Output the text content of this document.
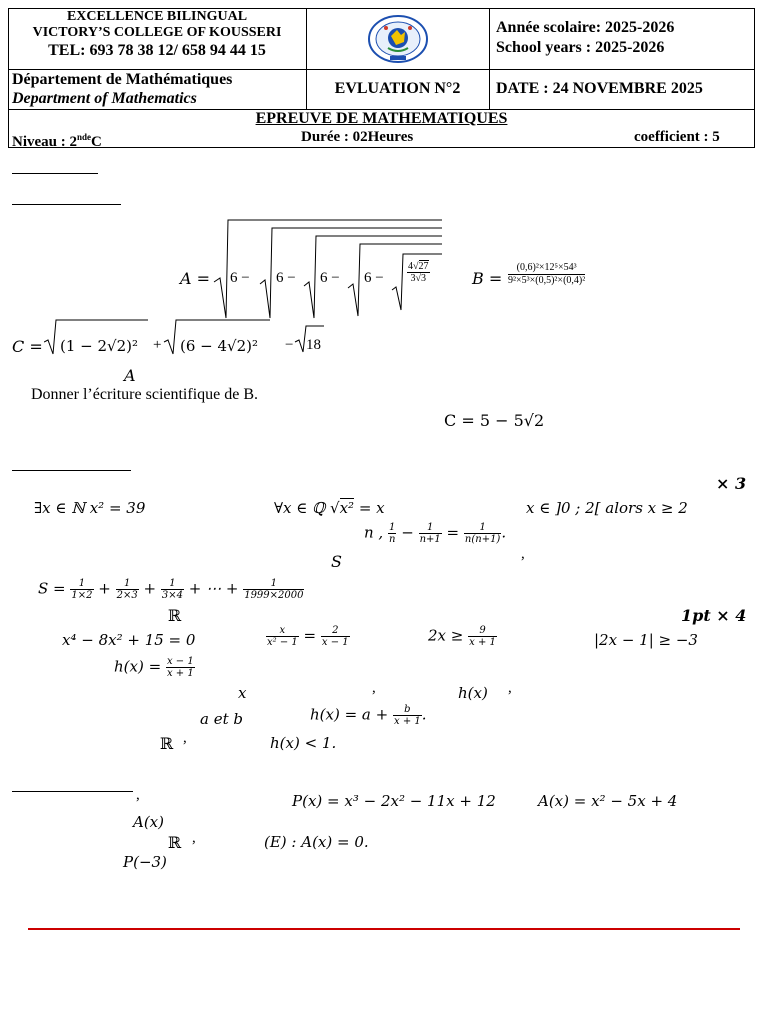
EXCELLENCE BILINGUAL
VICTORY’S COLLEGE OF KOUSSERI
TEL: 693 78 38 12/ 658 94 44 15
Année scolaire: 2025-2026
School years : 2025-2026
Département de Mathématiques
Department of Mathematics
EVLUATION N°2	DATE : 24 NOVEMBRE 2025
EPREUVE DE MATHEMATIQUES
Niveau : 2ndeC	Durée : 02Heures	coefficient : 5
A = 6 − 6 − 6 − 6 −
4√27
3√3	$B = \frac{\text{(0,6)²×12⁵×54³}}{\text{9²×5³×(0,5)²×(0,4)²}}$
C = (1 − 2√2)² + (6 − 4√2)² − 18
A
Donner l’écriture scientifique de B.
C = 5 − 5√2
× 3
∃x ∈ ℕ x² = 39	∀x ∈ ℚ √x² = x	x ∈ ]0 ; 2[ alors x ≥ 2
n , $\frac{1}{n} - \frac{1}{n+1} = \frac{1}{n(n+1)}$ .
,
S
$S = \frac{1}{1\times 2} + \frac{1}{2\times 3} + \frac{1}{3\times 4}$ + ⋯ + $\frac{1}{1999\times 2000}$
ℝ	1pt × 4
x⁴ − 8x² + 15 = 0	$\frac{x}{\text{x² − 1}} = \frac{2}{x - 1}$	$2x \ge \frac{9}{x + 1}$	|2x − 1| ≥ −3
$h(x) = \frac{x - 1}{x + 1}$
x	,	h(x) ,
a et b	$h(x) = a + \frac{b}{x + 1}$ .
ℝ ,	h(x) < 1.
,	P(x) = x³ − 2x² − 11x + 12	A(x) = x² − 5x + 4
A(x)
ℝ ,	(E) : A(x) = 0.
P(−3)
